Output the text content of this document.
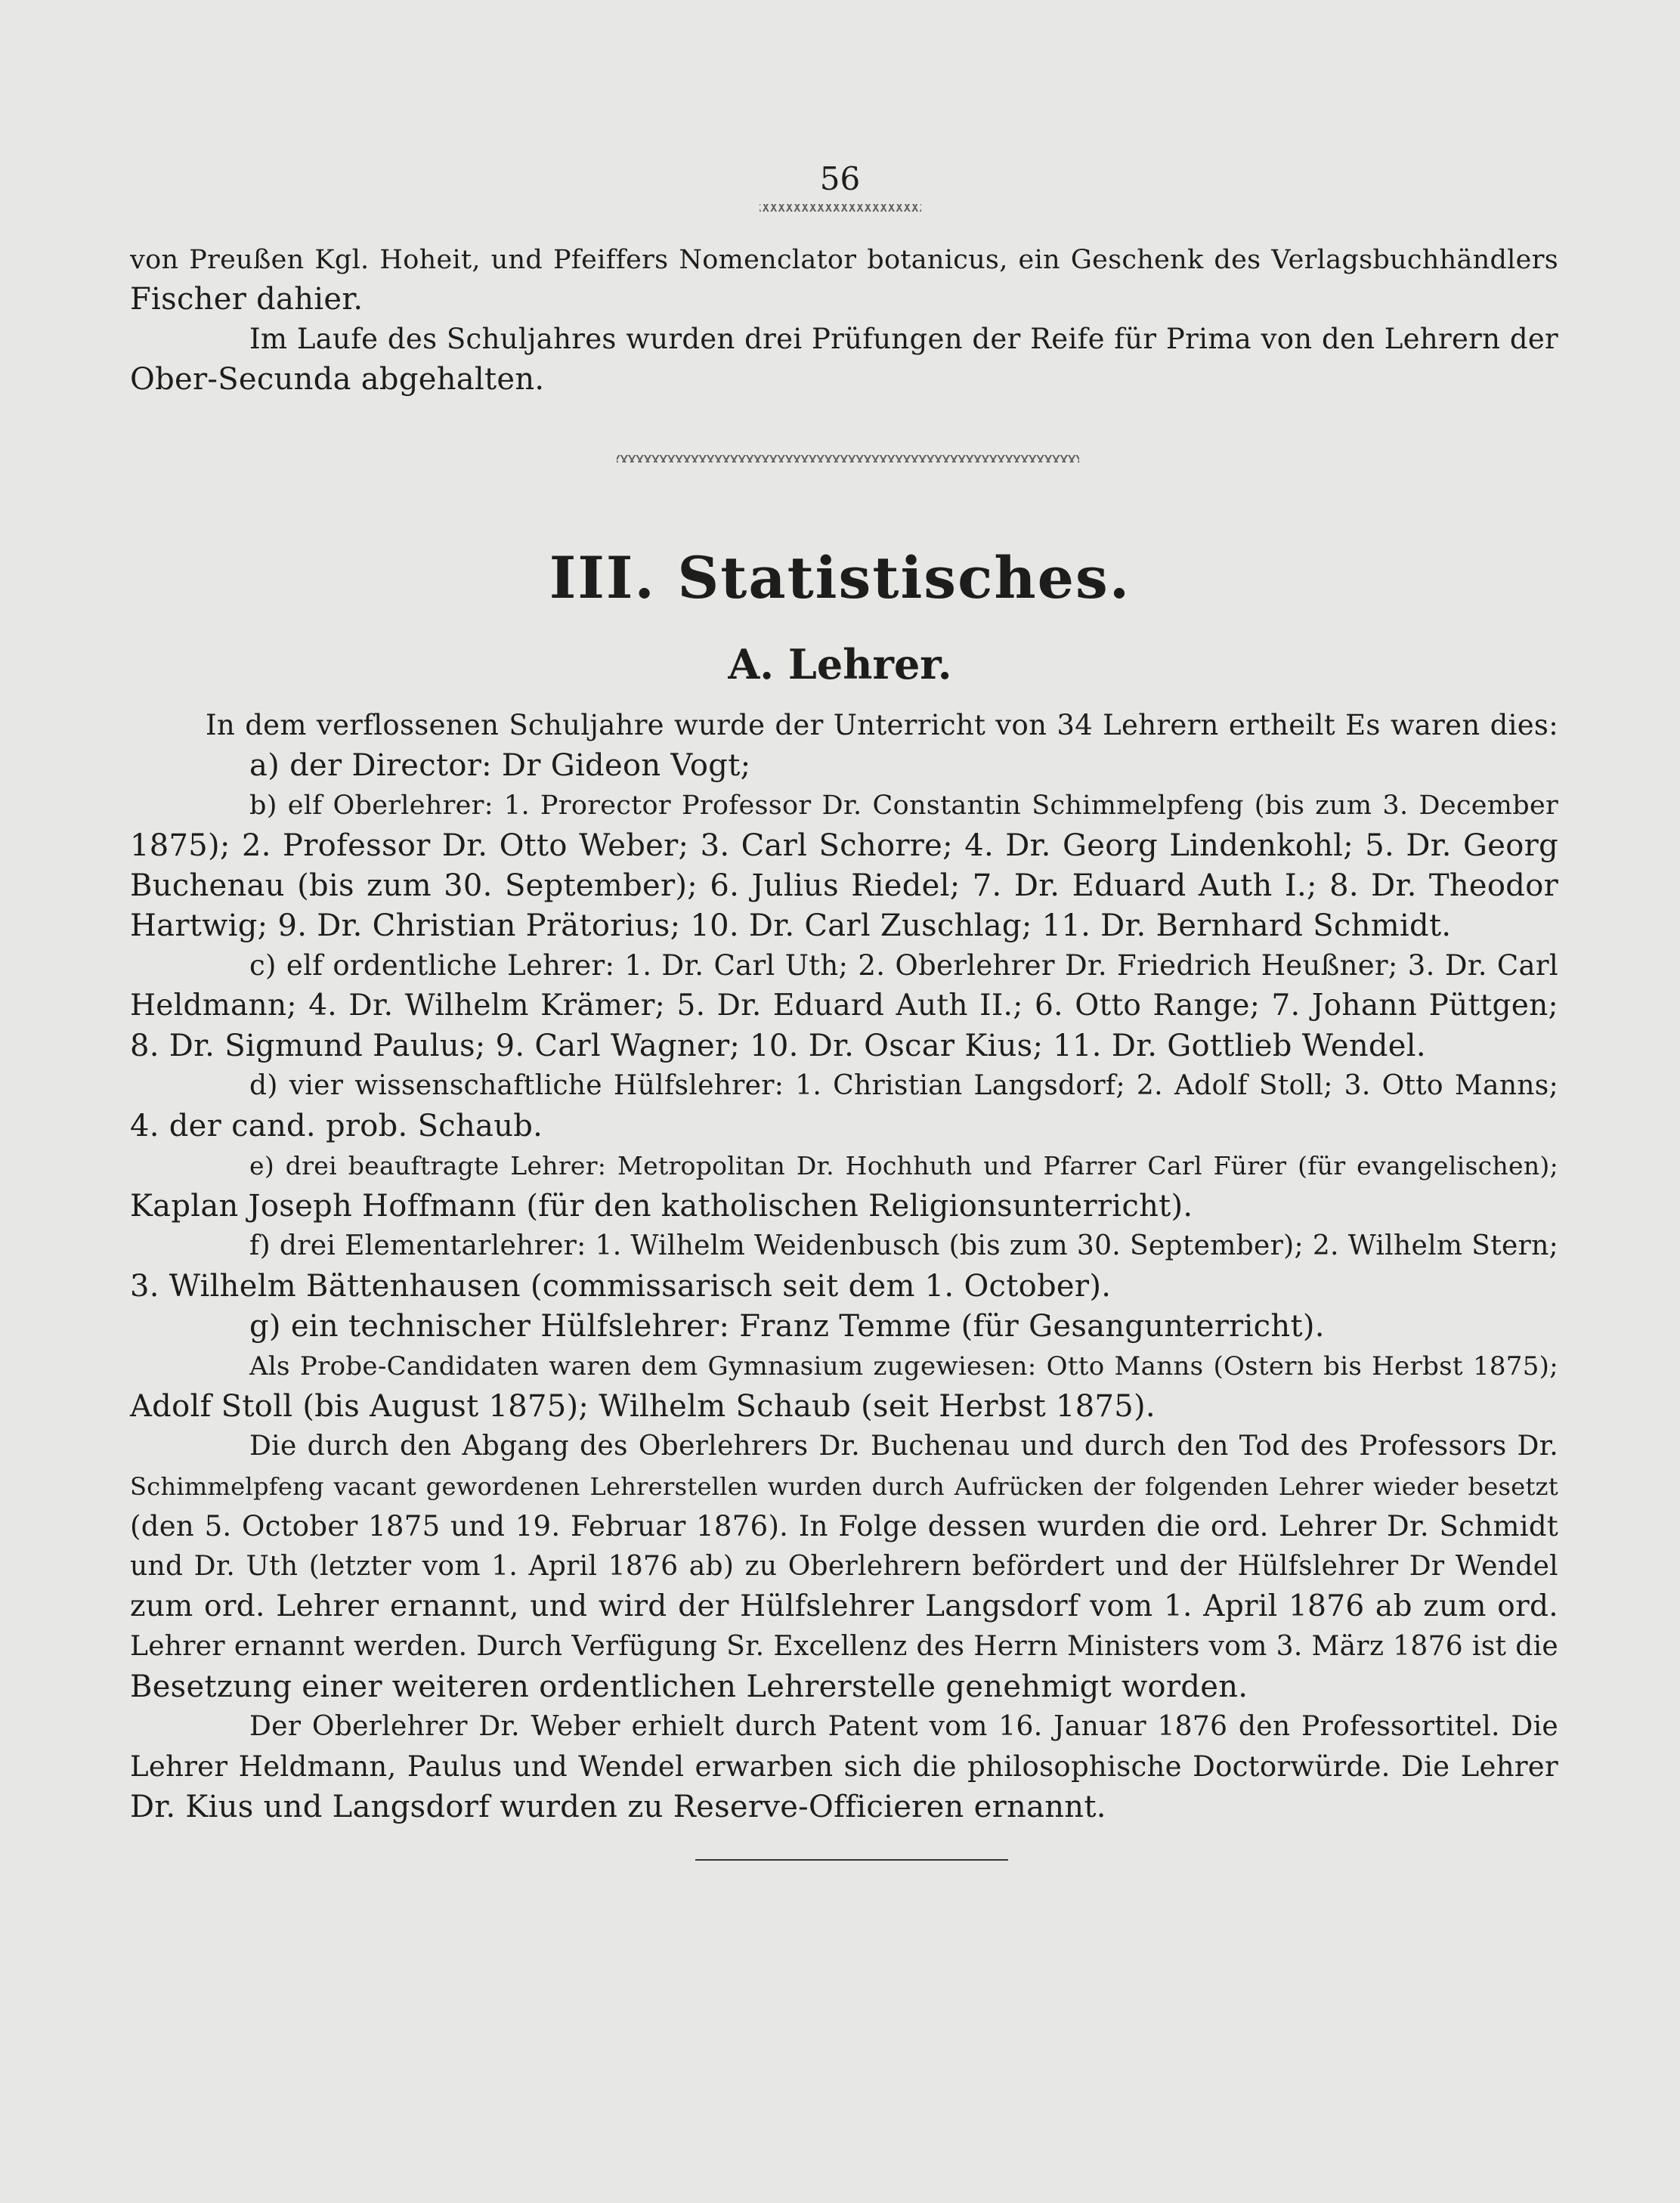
56
von Preußen Kgl. Hoheit, und Pfeiffers Nomenclator botanicus, ein Geschenk des Verlagsbuchhändlers
Fischer dahier.
Im Laufe des Schuljahres wurden drei Prüfungen der Reife für Prima von den Lehrern der
Ober-Secunda abgehalten.
III. Statistisches.
A. Lehrer.
In dem verflossenen Schuljahre wurde der Unterricht von 34 Lehrern ertheilt Es waren dies:
a) der Director: Dr Gideon Vogt;
b) elf Oberlehrer: 1. Prorector Professor Dr. Constantin Schimmelpfeng (bis zum 3. December
1875); 2. Professor Dr. Otto Weber; 3. Carl Schorre; 4. Dr. Georg Lindenkohl; 5. Dr. Georg
Buchenau (bis zum 30. September); 6. Julius Riedel; 7. Dr. Eduard Auth I.; 8. Dr. Theodor
Hartwig; 9. Dr. Christian Prätorius; 10. Dr. Carl Zuschlag; 11. Dr. Bernhard Schmidt.
c) elf ordentliche Lehrer: 1. Dr. Carl Uth; 2. Oberlehrer Dr. Friedrich Heußner; 3. Dr. Carl
Heldmann; 4. Dr. Wilhelm Krämer; 5. Dr. Eduard Auth II.; 6. Otto Range; 7. Johann Püttgen;
8. Dr. Sigmund Paulus; 9. Carl Wagner; 10. Dr. Oscar Kius; 11. Dr. Gottlieb Wendel.
d) vier wissenschaftliche Hülfslehrer: 1. Christian Langsdorf; 2. Adolf Stoll; 3. Otto Manns;
4. der cand. prob. Schaub.
e) drei beauftragte Lehrer: Metropolitan Dr. Hochhuth und Pfarrer Carl Fürer (für evangelischen);
Kaplan Joseph Hoffmann (für den katholischen Religionsunterricht).
f) drei Elementarlehrer: 1. Wilhelm Weidenbusch (bis zum 30. September); 2. Wilhelm Stern;
3. Wilhelm Bättenhausen (commissarisch seit dem 1. October).
g) ein technischer Hülfslehrer: Franz Temme (für Gesangunterricht).
Als Probe-Candidaten waren dem Gymnasium zugewiesen: Otto Manns (Ostern bis Herbst 1875);
Adolf Stoll (bis August 1875); Wilhelm Schaub (seit Herbst 1875).
Die durch den Abgang des Oberlehrers Dr. Buchenau und durch den Tod des Professors Dr.
Schimmelpfeng vacant gewordenen Lehrerstellen wurden durch Aufrücken der folgenden Lehrer wieder besetzt
(den 5. October 1875 und 19. Februar 1876). In Folge dessen wurden die ord. Lehrer Dr. Schmidt
und Dr. Uth (letzter vom 1. April 1876 ab) zu Oberlehrern befördert und der Hülfslehrer Dr Wendel
zum ord. Lehrer ernannt, und wird der Hülfslehrer Langsdorf vom 1. April 1876 ab zum ord.
Lehrer ernannt werden. Durch Verfügung Sr. Excellenz des Herrn Ministers vom 3. März 1876 ist die
Besetzung einer weiteren ordentlichen Lehrerstelle genehmigt worden.
Der Oberlehrer Dr. Weber erhielt durch Patent vom 16. Januar 1876 den Professortitel. Die
Lehrer Heldmann, Paulus und Wendel erwarben sich die philosophische Doctorwürde. Die Lehrer
Dr. Kius und Langsdorf wurden zu Reserve-Officieren ernannt.
